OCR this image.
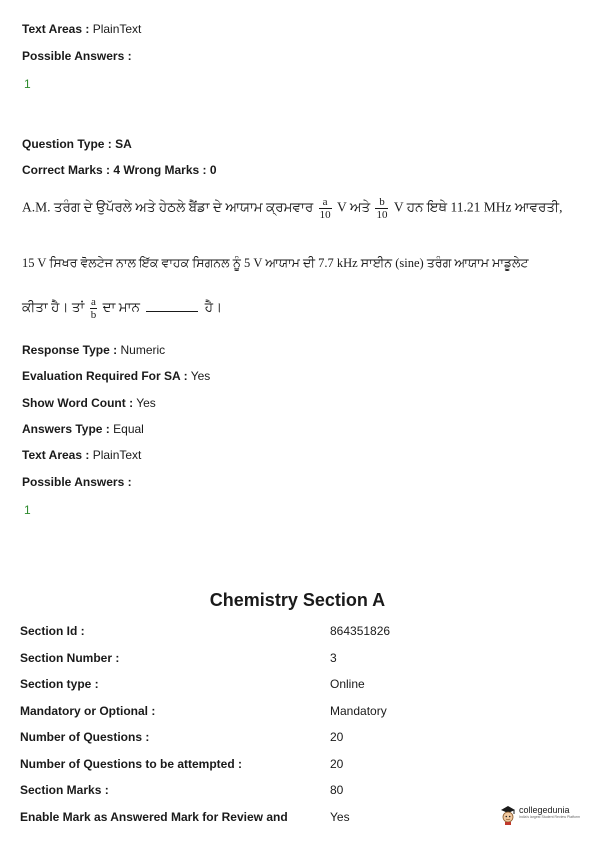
Text Areas : PlainText
Possible Answers :
1
Question Type : SA
Correct Marks : 4 Wrong Marks : 0
A.M. ਤਰੰਗ ਦੇ ਉਪੱਰਲੇ ਅਤੇ ਹੇਠਲੇ ਬੈਂਡਾ ਦੇ ਆਯਾਮ ਕ੍ਰਮਵਾਰ $\frac{a}{10}$ V ਅਤੇ $\frac{b}{10}$ V ਹਨ ਇਥੇ 11.21 MHz ਆਵਰਤੀ,
15 V ਸਿਖਰ ਵੋਲਟੇਜ ਨਾਲ ਇੱਕ ਵਾਹਕ ਸਿਗਨਲ ਨੂੰ 5 V ਆਯਾਮ ਦੀ 7.7 kHz ਸਾਈਨ (sine) ਤਰੰਗ ਆਯਾਮ ਮਾਡੂਲੇਟ
ਕੀਤਾ ਹੈ। ਤਾਂ $\frac{a}{b}$ ਦਾ ਮਾਨ	ਹੈ।
Response Type : Numeric
Evaluation Required For SA : Yes
Show Word Count : Yes
Answers Type : Equal
Text Areas : PlainText
Possible Answers :
1
Chemistry Section A
Section Id :	864351826
Section Number :	3
Section type :	Online
Mandatory or Optional :	Mandatory
Number of Questions :	20
Number of Questions to be attempted :	20
Section Marks :	80
Enable Mark as Answered Mark for Review and	Yes	collegedunia
India's largest Student Review Platform
